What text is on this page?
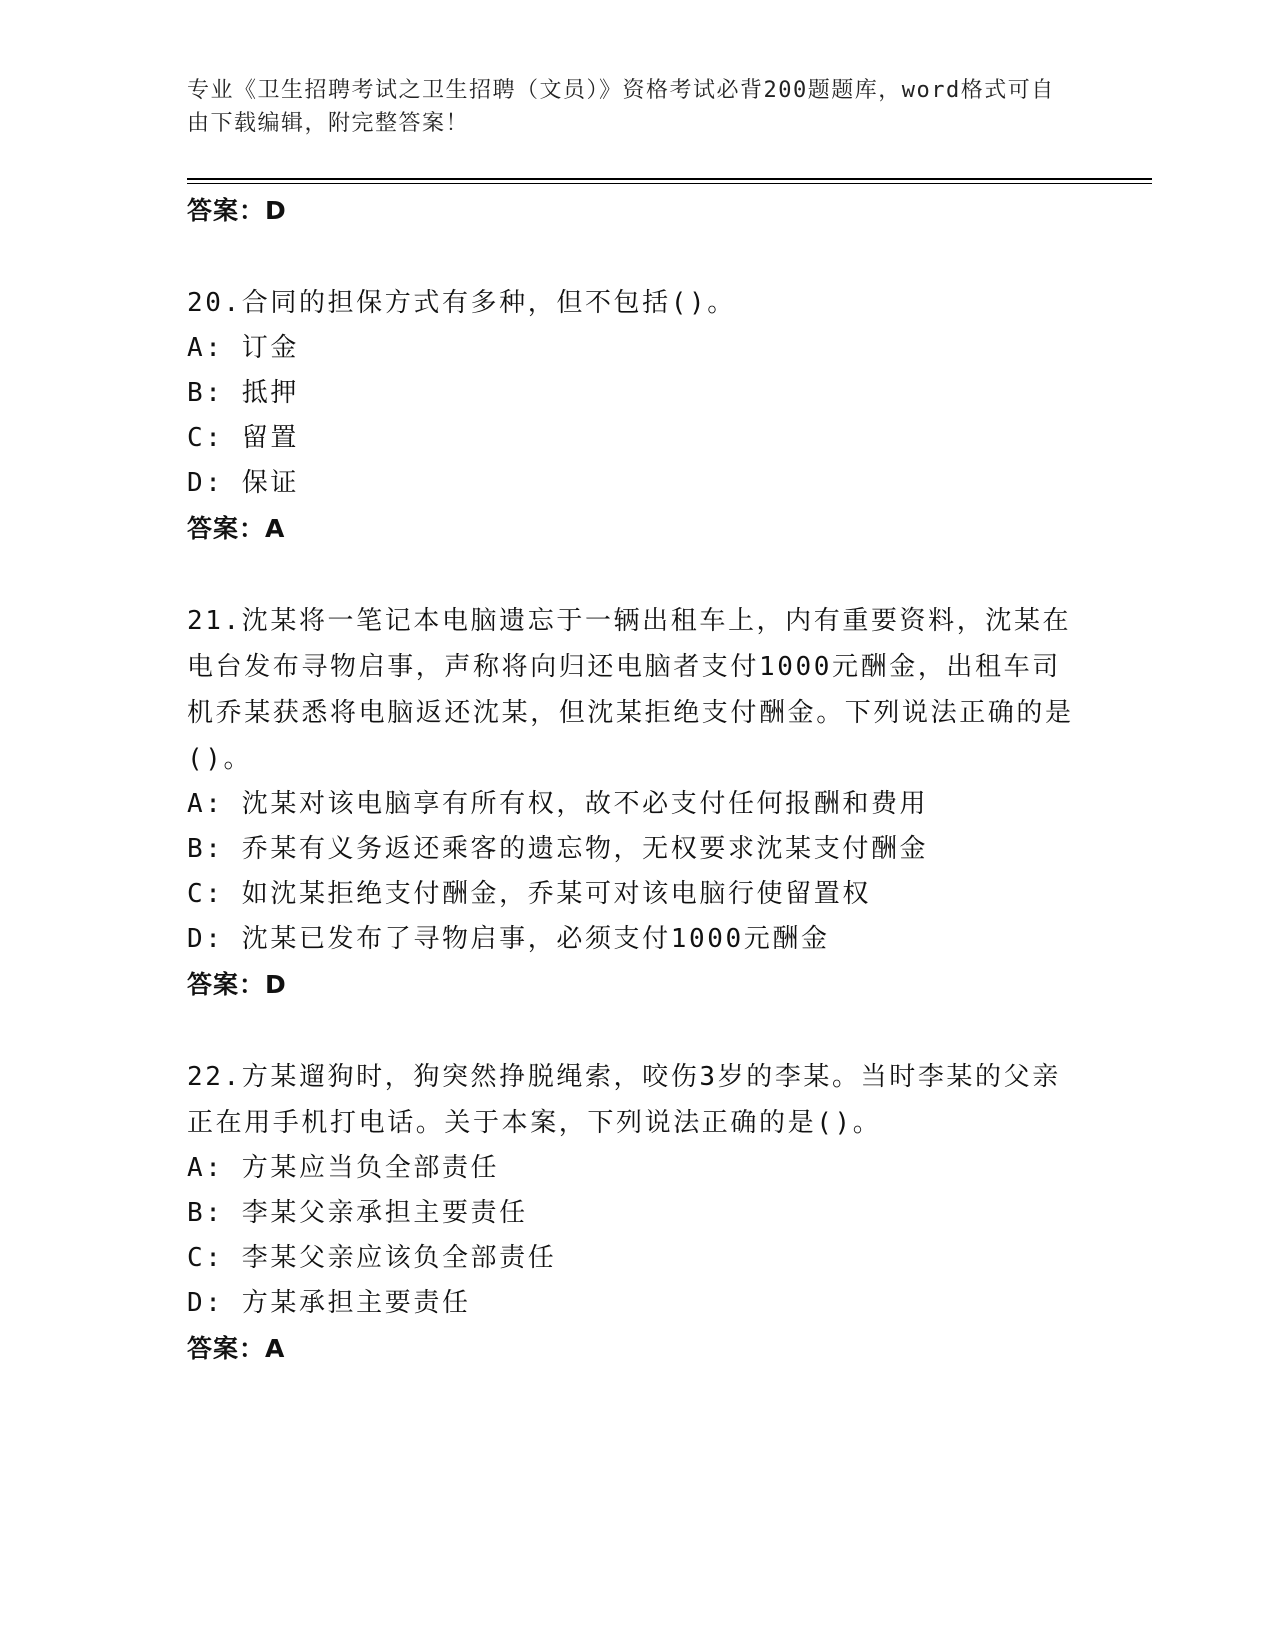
专业《卫生招聘考试之卫生招聘（文员）》资格考试必背200题题库，word格式可自由下载编辑，附完整答案！
答案：D
20.合同的担保方式有多种，但不包括()。
A: 订金
B: 抵押
C: 留置
D: 保证
答案：A
21.沈某将一笔记本电脑遗忘于一辆出租车上，内有重要资料，沈某在电台发布寻物启事，声称将向归还电脑者支付1000元酬金，出租车司机乔某获悉将电脑返还沈某，但沈某拒绝支付酬金。下列说法正确的是()。
A: 沈某对该电脑享有所有权，故不必支付任何报酬和费用
B: 乔某有义务返还乘客的遗忘物，无权要求沈某支付酬金
C: 如沈某拒绝支付酬金，乔某可对该电脑行使留置权
D: 沈某已发布了寻物启事，必须支付1000元酬金
答案：D
22.方某遛狗时，狗突然挣脱绳索，咬伤3岁的李某。当时李某的父亲正在用手机打电话。关于本案，下列说法正确的是()。
A: 方某应当负全部责任
B: 李某父亲承担主要责任
C: 李某父亲应该负全部责任
D: 方某承担主要责任
答案：A
